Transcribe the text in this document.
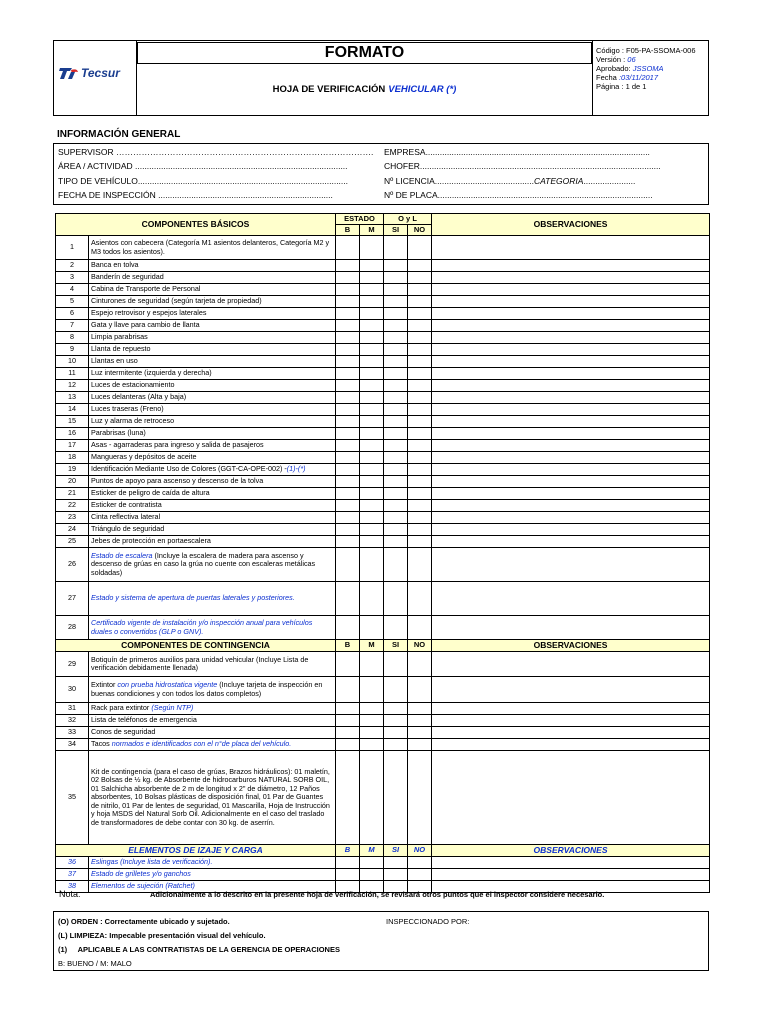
Tecsur
FORMATO
HOJA DE VERIFICACIÓN VEHICULAR (*)
Código : F05-PA-SSOMA-006
Versión : 06
Aprobado: JSSOMA
Fecha :03/11/2017
Página : 1 de 1
INFORMACIÓN GENERAL
SUPERVISOR ……………………………………………………………………………….	EMPRESA...............................................................................................
ÁREA / ACTIVIDAD ..........................................................................................	CHOFER......................................................................................................
TIPO DE VEHÍCULO.........................................................................................	Nº LICENCIA..........................................CATEGORIA......................
FECHA DE INSPECCIÓN ..........................................................................	Nº DE PLACA...........................................................................................
COMPONENTES BÁSICOS		ESTADO		O y L		OBSERVACIONES
		B	M	SI	NO	
1	Asientos con cabecera (Categoría M1 asientos delanteros, Categoría M2 y M3 todos los asientos).					
2	Banca en tolva					
3	Banderín de seguridad					
4	Cabina de Transporte de Personal					
5	Cinturones de seguridad (según tarjeta de propiedad)					
6	Espejo retrovisor y espejos laterales					
7	Gata y llave para cambio de llanta					
8	Limpia parabrisas					
9	Llanta de repuesto					
10	Llantas en uso					
11	Luz intermitente (izquierda y derecha)					
12	Luces de estacionamiento					
13	Luces delanteras (Alta y baja)					
14	Luces traseras (Freno)					
15	Luz y alarma de retroceso					
16	Parabrisas (luna)					
17	Asas - agarraderas para ingreso y salida de pasajeros					
18	Mangueras y depósitos de aceite					
19	Identificación Mediante Uso de Colores (GGT-CA-OPE-002) -(1)-(*)					
20	Puntos de apoyo para ascenso y descenso de la tolva					
21	Esticker de peligro de caída de altura					
22	Esticker de contratista					
23	Cinta reflectiva lateral					
24	Triángulo de seguridad					
25	Jebes de protección en portaescalera					
26	Estado de escalera (Incluye la escalera de madera para ascenso y descenso de grúas en caso la grúa no cuente con escaleras metálicas soldadas)					
27	Estado y sistema de apertura de puertas laterales y posteriores.					
28	Certificado vigente de instalación y/o inspección anual para vehículos duales o convertidos (GLP o GNV).					
COMPONENTES DE CONTINGENCIA		B	M	SI	NO	OBSERVACIONES
29	Botiquín de primeros auxilios para unidad vehicular (Incluye Lista de verificación debidamente llenada)					
30	Extintor con prueba hidrostatica vigente (Incluye tarjeta de inspección en buenas condiciones y con todos los datos completos)					
31	Rack para extintor (Según NTP)					
32	Lista de teléfonos de emergencia					
33	Conos de seguridad					
34	Tacos normados e identificados con el n°de placa del vehículo.					
35	Kit de contingencia (para el caso de grúas, Brazos hidráulicos): 01 maletín, 02 Bolsas de ½ kg. de Absorbente de hidrocarburos NATURAL SORB OIL, 01 Salchicha absorbente de 2 m de longitud x 2" de diámetro, 12 Paños absorbentes, 10 Bolsas plásticas de disposición final, 01 Par de Guantes de nitrilo, 01 Par de lentes de seguridad, 01 Mascarilla, Hoja de Instrucción y hoja MSDS del Natural Sorb Oil. Adicionalmente en el caso del traslado de transformadores de debe contar con 30 kg. de aserrín.					
ELEMENTOS DE IZAJE Y CARGA		B	M	SI	NO	OBSERVACIONES
36	Eslingas (Incluye lista de verificación).					
37	Estado de grilletes y/o ganchos					
38	Elementos de sujeción (Ratchet)					
Nota:	Adicionalmente a lo descrito en la presente hoja de verificación, se revisará otros puntos que el inspector considere necesario.
(O) ORDEN : Correctamente ubicado y sujetado.	INSPECCIONADO POR:
(L) LIMPIEZA: Impecable presentación visual del vehículo.
(1) APLICABLE A LAS CONTRATISTAS DE LA GERENCIA DE OPERACIONES
B: BUENO / M: MALO
